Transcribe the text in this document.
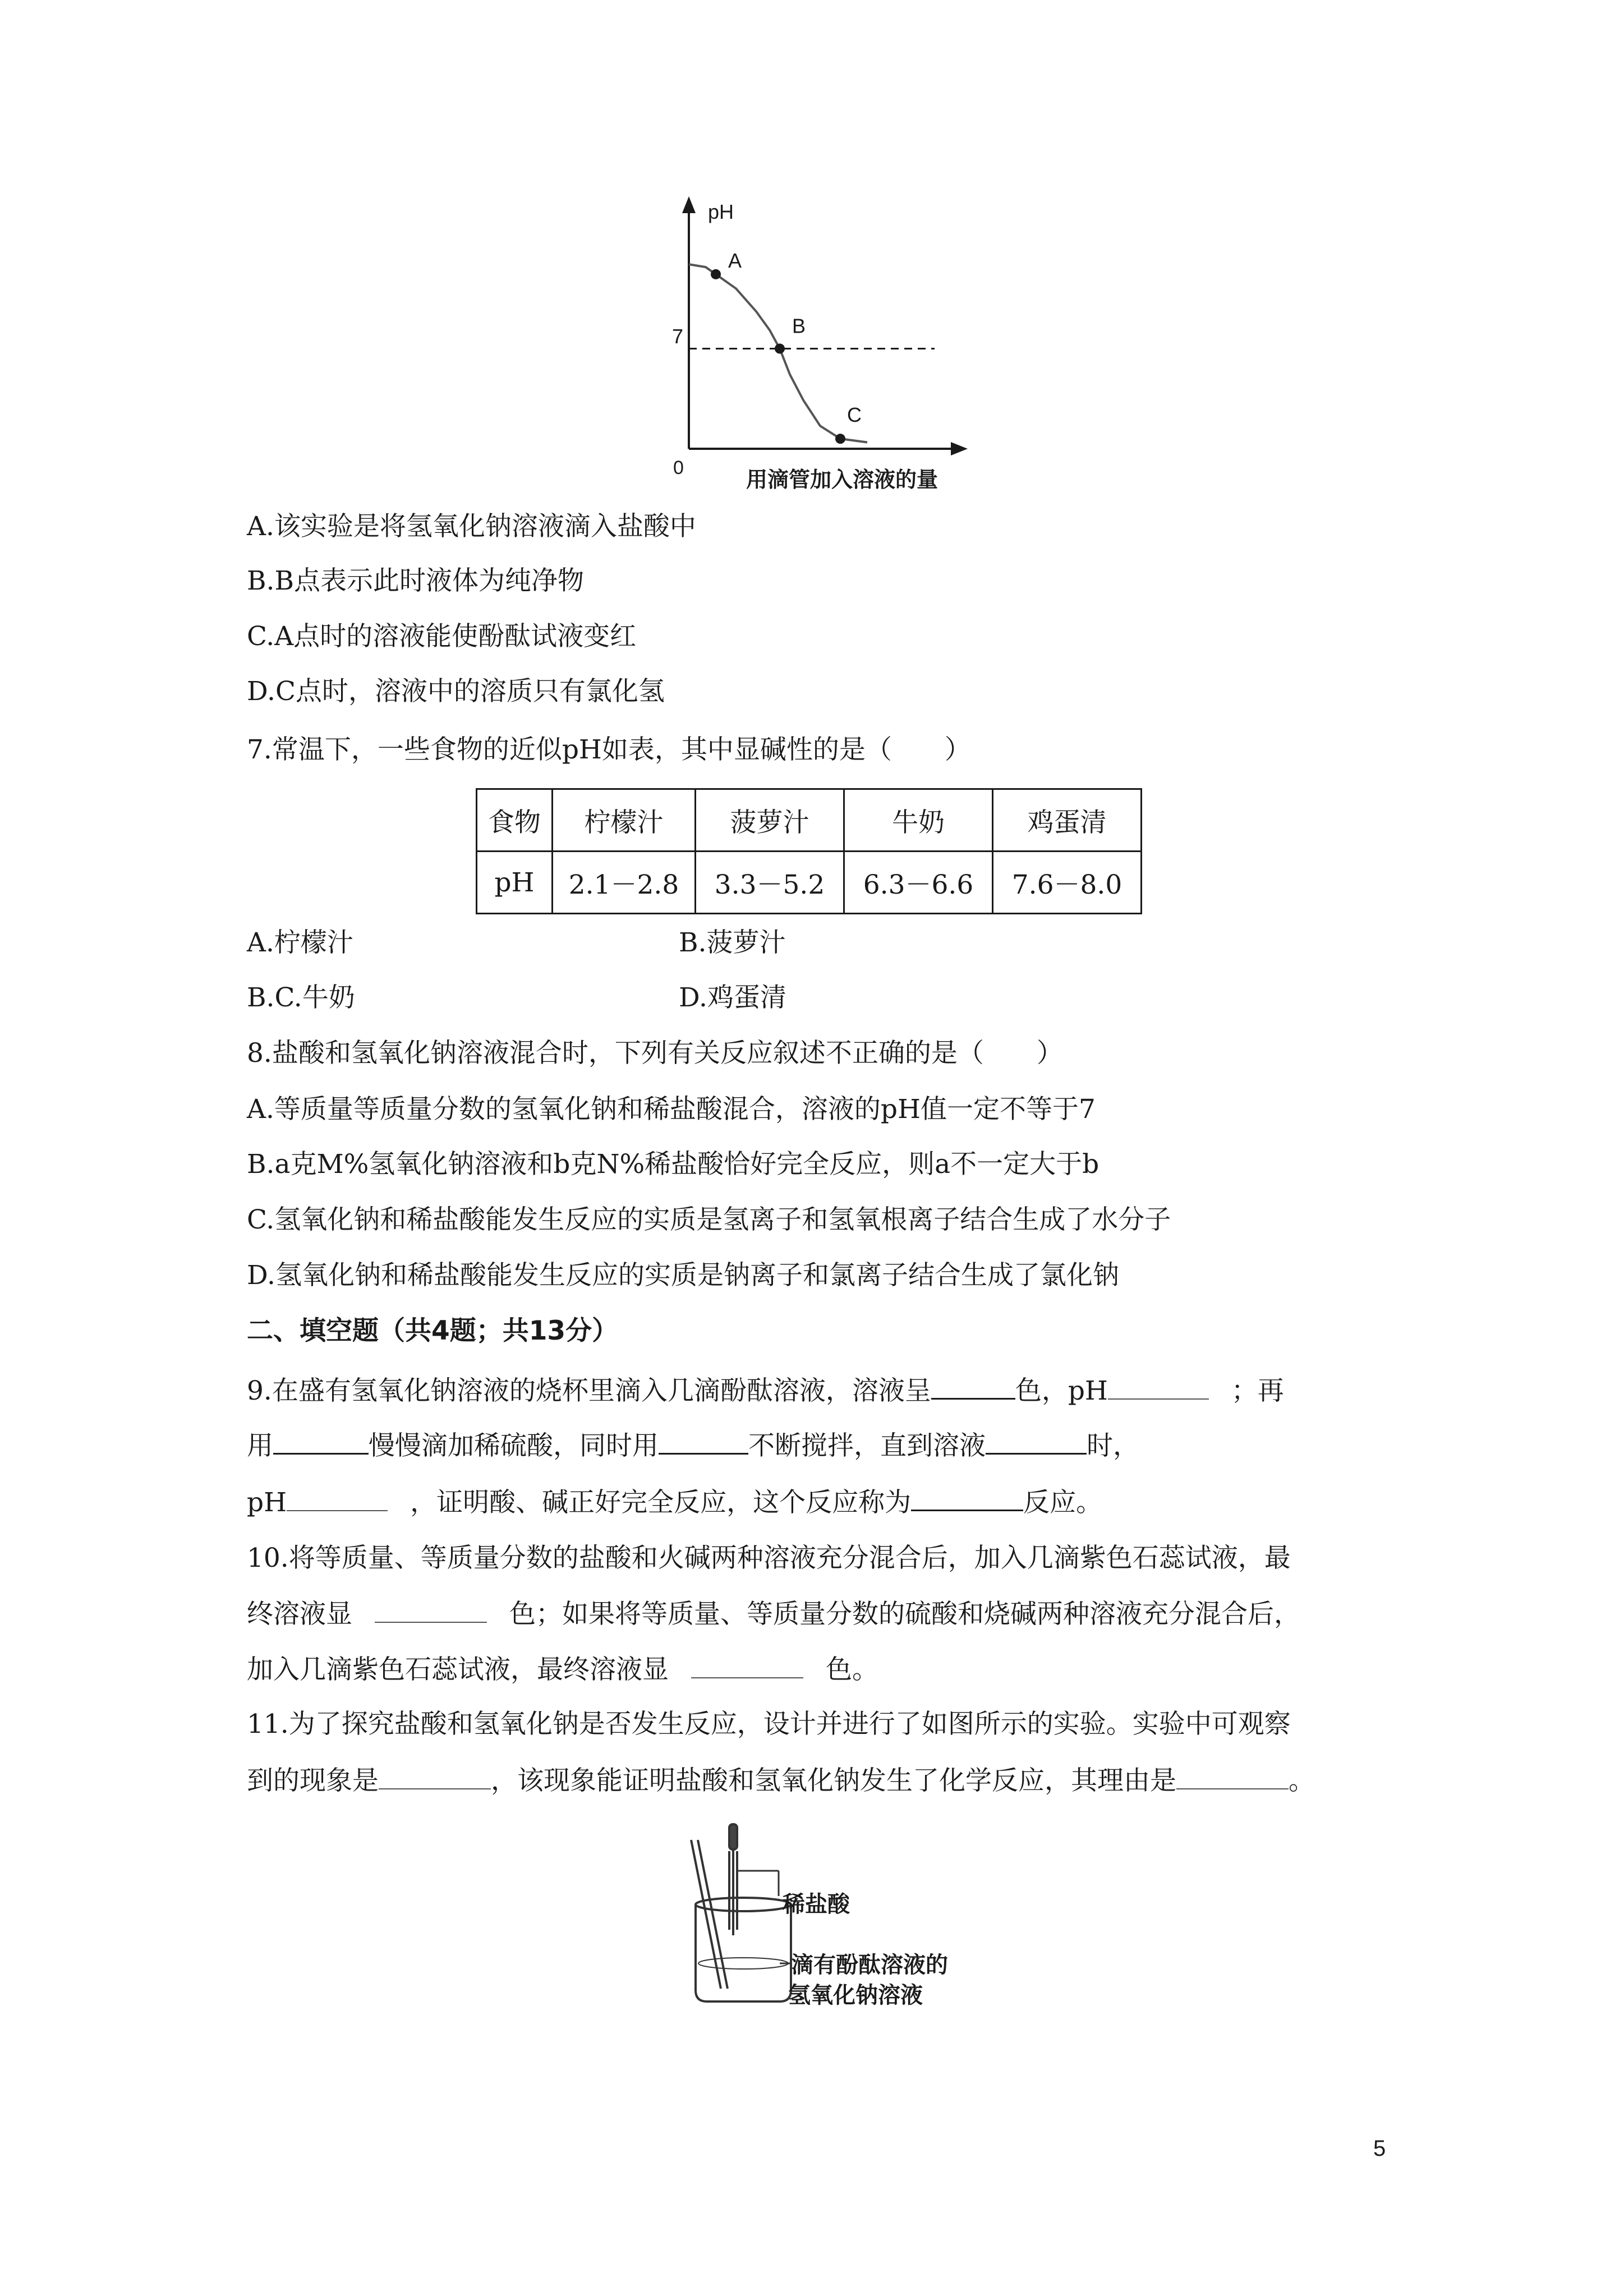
pH
0
用滴管加入溶液的量
7
A
B
C
A.该实验是将氢氧化钠溶液滴入盐酸中
B.B点表示此时液体为纯净物
C.A点时的溶液能使酚酞试液变红
D.C点时，溶液中的溶质只有氯化氢
7.常温下，一些食物的近似pH如表，其中显碱性的是（　　）
食物	柠檬汁	菠萝汁	牛奶	鸡蛋清
pH	2.1－2.8	3.3－5.2	6.3－6.6	7.6－8.0
A.柠檬汁	B.菠萝汁
B.C.牛奶	D.鸡蛋清
8.盐酸和氢氧化钠溶液混合时，下列有关反应叙述不正确的是（　　）
A.等质量等质量分数的氢氧化钠和稀盐酸混合，溶液的pH值一定不等于7
B.a克M%氢氧化钠溶液和b克N%稀盐酸恰好完全反应，则a不一定大于b
C.氢氧化钠和稀盐酸能发生反应的实质是氢离子和氢氧根离子结合生成了水分子
D.氢氧化钠和稀盐酸能发生反应的实质是钠离子和氯离子结合生成了氯化钠
二、填空题（共4题；共13分）
9.在盛有氢氧化钠溶液的烧杯里滴入几滴酚酞溶液，溶液呈	色，pH	；再
用	慢慢滴加稀硫酸，同时用	不断搅拌，直到溶液	时，
pH	，证明酸、碱正好完全反应，这个反应称为	反应。
10.将等质量、等质量分数的盐酸和火碱两种溶液充分混合后，加入几滴紫色石蕊试液，最
终溶液显	色；如果将等质量、等质量分数的硫酸和烧碱两种溶液充分混合后，
加入几滴紫色石蕊试液，最终溶液显	色。
11.为了探究盐酸和氢氧化钠是否发生反应，设计并进行了如图所示的实验。实验中可观察
到的现象是	，该现象能证明盐酸和氢氧化钠发生了化学反应，其理由是	。
稀盐酸
滴有酚酞溶液的
氢氧化钠溶液
5
